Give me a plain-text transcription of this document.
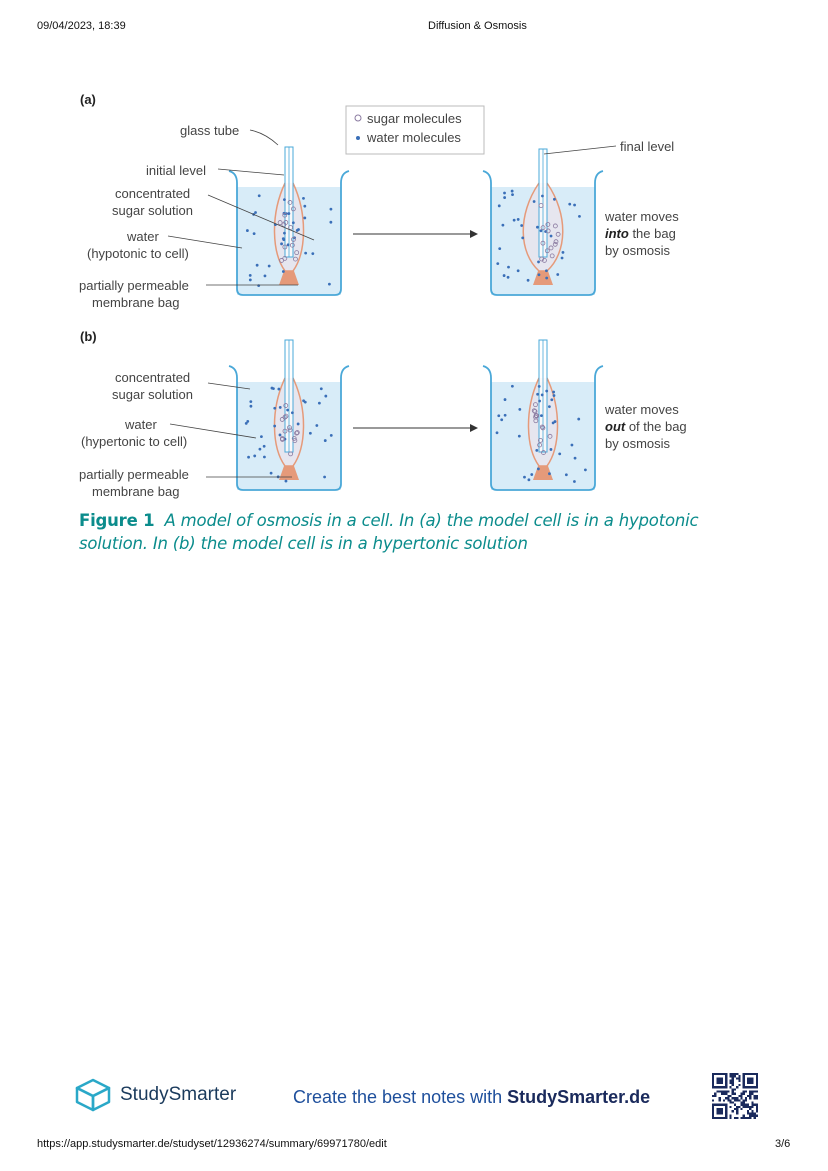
09/04/2023, 18:39	Diffusion & Osmosis
(a)
(b)
sugar molecules
water molecules
glass tube
initial level
concentrated
sugar solution
water
(hypotonic to cell)
partially permeable
membrane bag
final level
water moves
into the bag
by osmosis
concentrated
sugar solution
water
(hypertonic to cell)
partially permeable
membrane bag
water moves
out of the bag
by osmosis
Figure 1 A model of osmosis in a cell. In (a) the model cell is in a hypotonic solution. In (b) the model cell is in a hypertonic solution
StudySmarter	Create the best notes with StudySmarter.de
https://app.studysmarter.de/studyset/12936274/summary/69971780/edit	3/6
